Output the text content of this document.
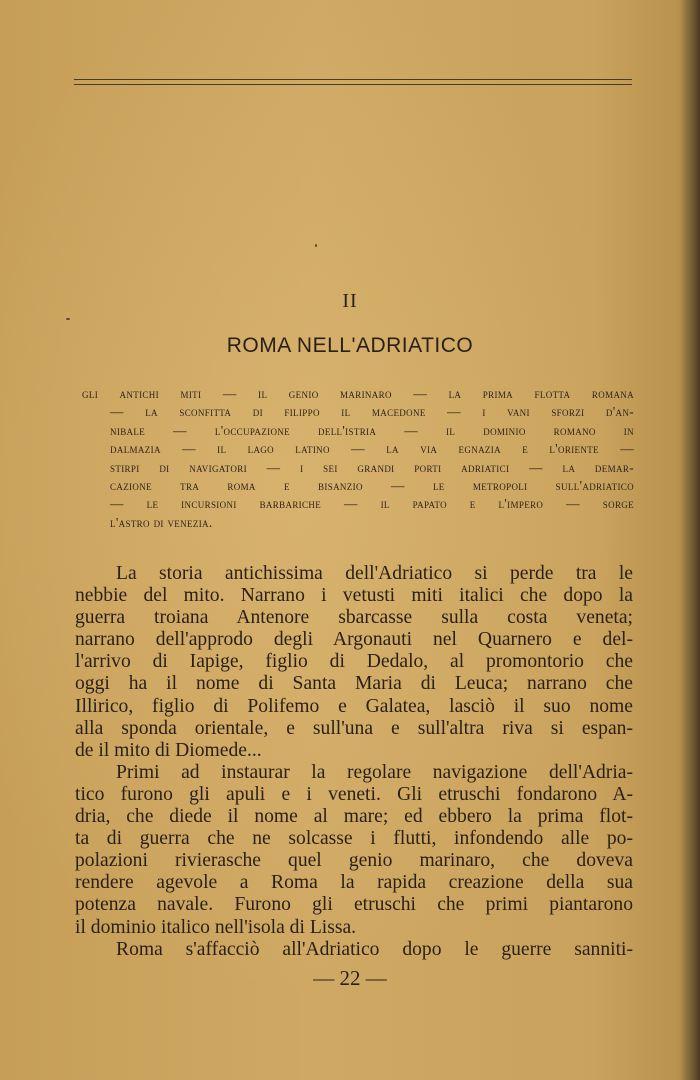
II
ROMA NELL'ADRIATICO
gli antichi miti — il genio marinaro — la prima flotta romana
— la sconfitta di filippo il macedone — i vani sforzi d'an-
nibale — l'occupazione dell'istria — il dominio romano in
dalmazia — il lago latino — la via egnazia e l'oriente —
stirpi di navigatori — i sei grandi porti adriatici — la demar-
cazione tra roma e bisanzio — le metropoli sull'adriatico
— le incursioni barbariche — il papato e l'impero — sorge
l'astro di venezia.
La storia antichissima dell'Adriatico si perde tra le
nebbie del mito. Narrano i vetusti miti italici che dopo la
guerra troiana Antenore sbarcasse sulla costa veneta;
narrano dell'approdo degli Argonauti nel Quarnero e del-
l'arrivo di Iapige, figlio di Dedalo, al promontorio che
oggi ha il nome di Santa Maria di Leuca; narrano che
Illirico, figlio di Polifemo e Galatea, lasciò il suo nome
alla sponda orientale, e sull'una e sull'altra riva si espan-
de il mito di Diomede...
Primi ad instaurar la regolare navigazione dell'Adria-
tico furono gli apuli e i veneti. Gli etruschi fondarono A-
dria, che diede il nome al mare; ed ebbero la prima flot-
ta di guerra che ne solcasse i flutti, infondendo alle po-
polazioni rivierasche quel genio marinaro, che doveva
rendere agevole a Roma la rapida creazione della sua
potenza navale. Furono gli etruschi che primi piantarono
il dominio italico nell'isola di Lissa.
Roma s'affacciò all'Adriatico dopo le guerre sanniti-
— 22 —
